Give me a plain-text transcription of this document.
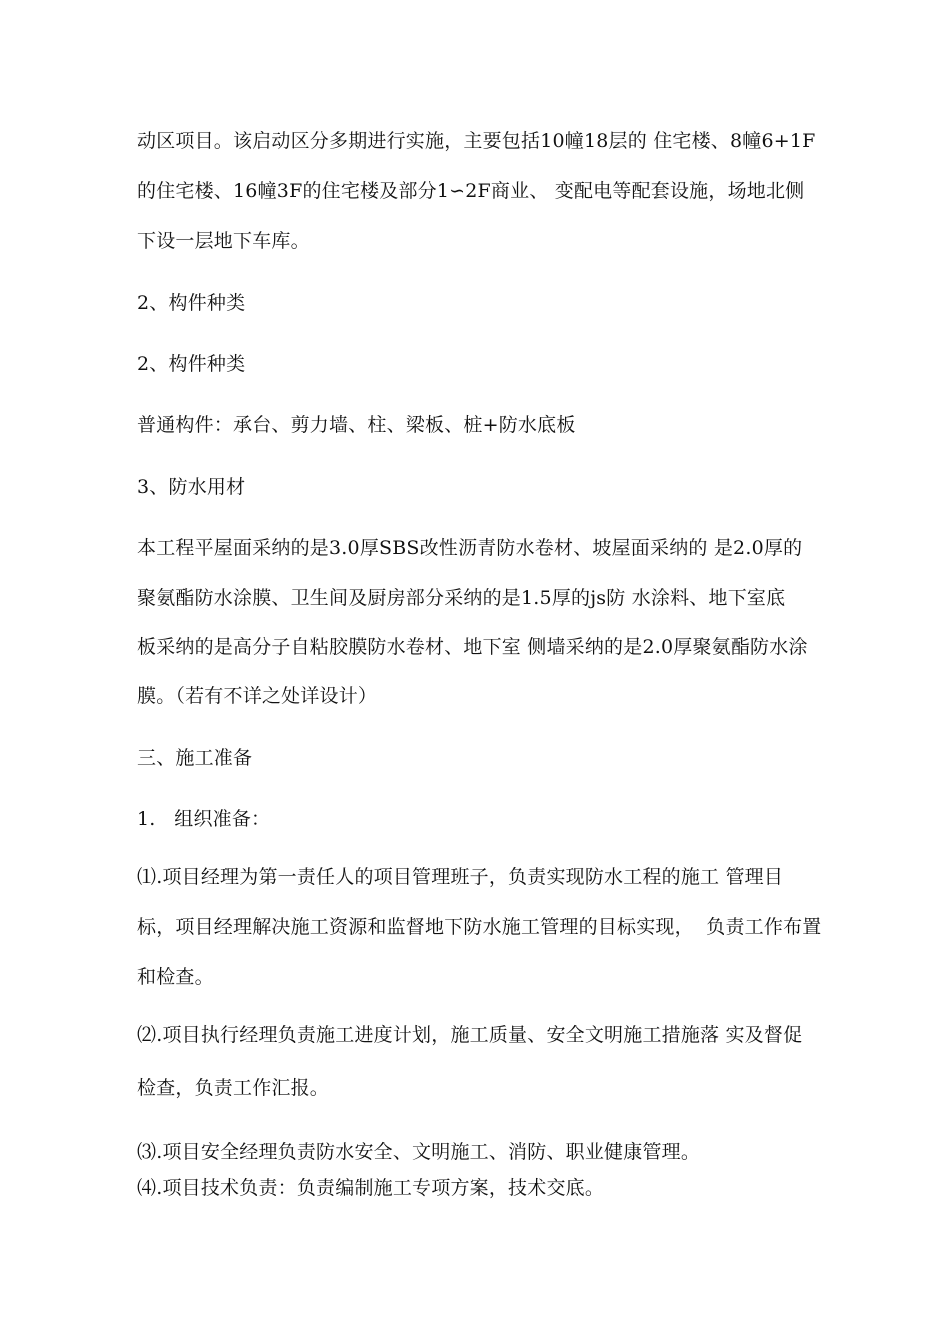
动区项目。该启动区分多期进行实施，主要包括10幢18层的 住宅楼、8幢6+1F
的住宅楼、16幢3F的住宅楼及部分1∽2F商业、 变配电等配套设施，场地北侧
下设一层地下车库。
2、构件种类
2、构件种类
普通构件：承台、剪力墙、柱、梁板、桩+防水底板
3、防水用材
本工程平屋面采纳的是3.0厚SBS改性沥青防水卷材、坡屋面采纳的 是2.0厚的
聚氨酯防水涂膜、卫生间及厨房部分采纳的是1.5厚的js防 水涂料、地下室底
板采纳的是高分子自粘胶膜防水卷材、地下室 侧墙采纳的是2.0厚聚氨酯防水涂
膜。（若有不详之处详设计）
三、施工准备
1.   组织准备：
⑴.项目经理为第一责任人的项目管理班子，负责实现防水工程的施工 管理目
标，项目经理解决施工资源和监督地下防水施工管理的目标实现，  负责工作布置
和检查。
⑵.项目执行经理负责施工进度计划，施工质量、安全文明施工措施落 实及督促
检查，负责工作汇报。
⑶.项目安全经理负责防水安全、文明施工、消防、职业健康管理。
⑷.项目技术负责：负责编制施工专项方案，技术交底。
